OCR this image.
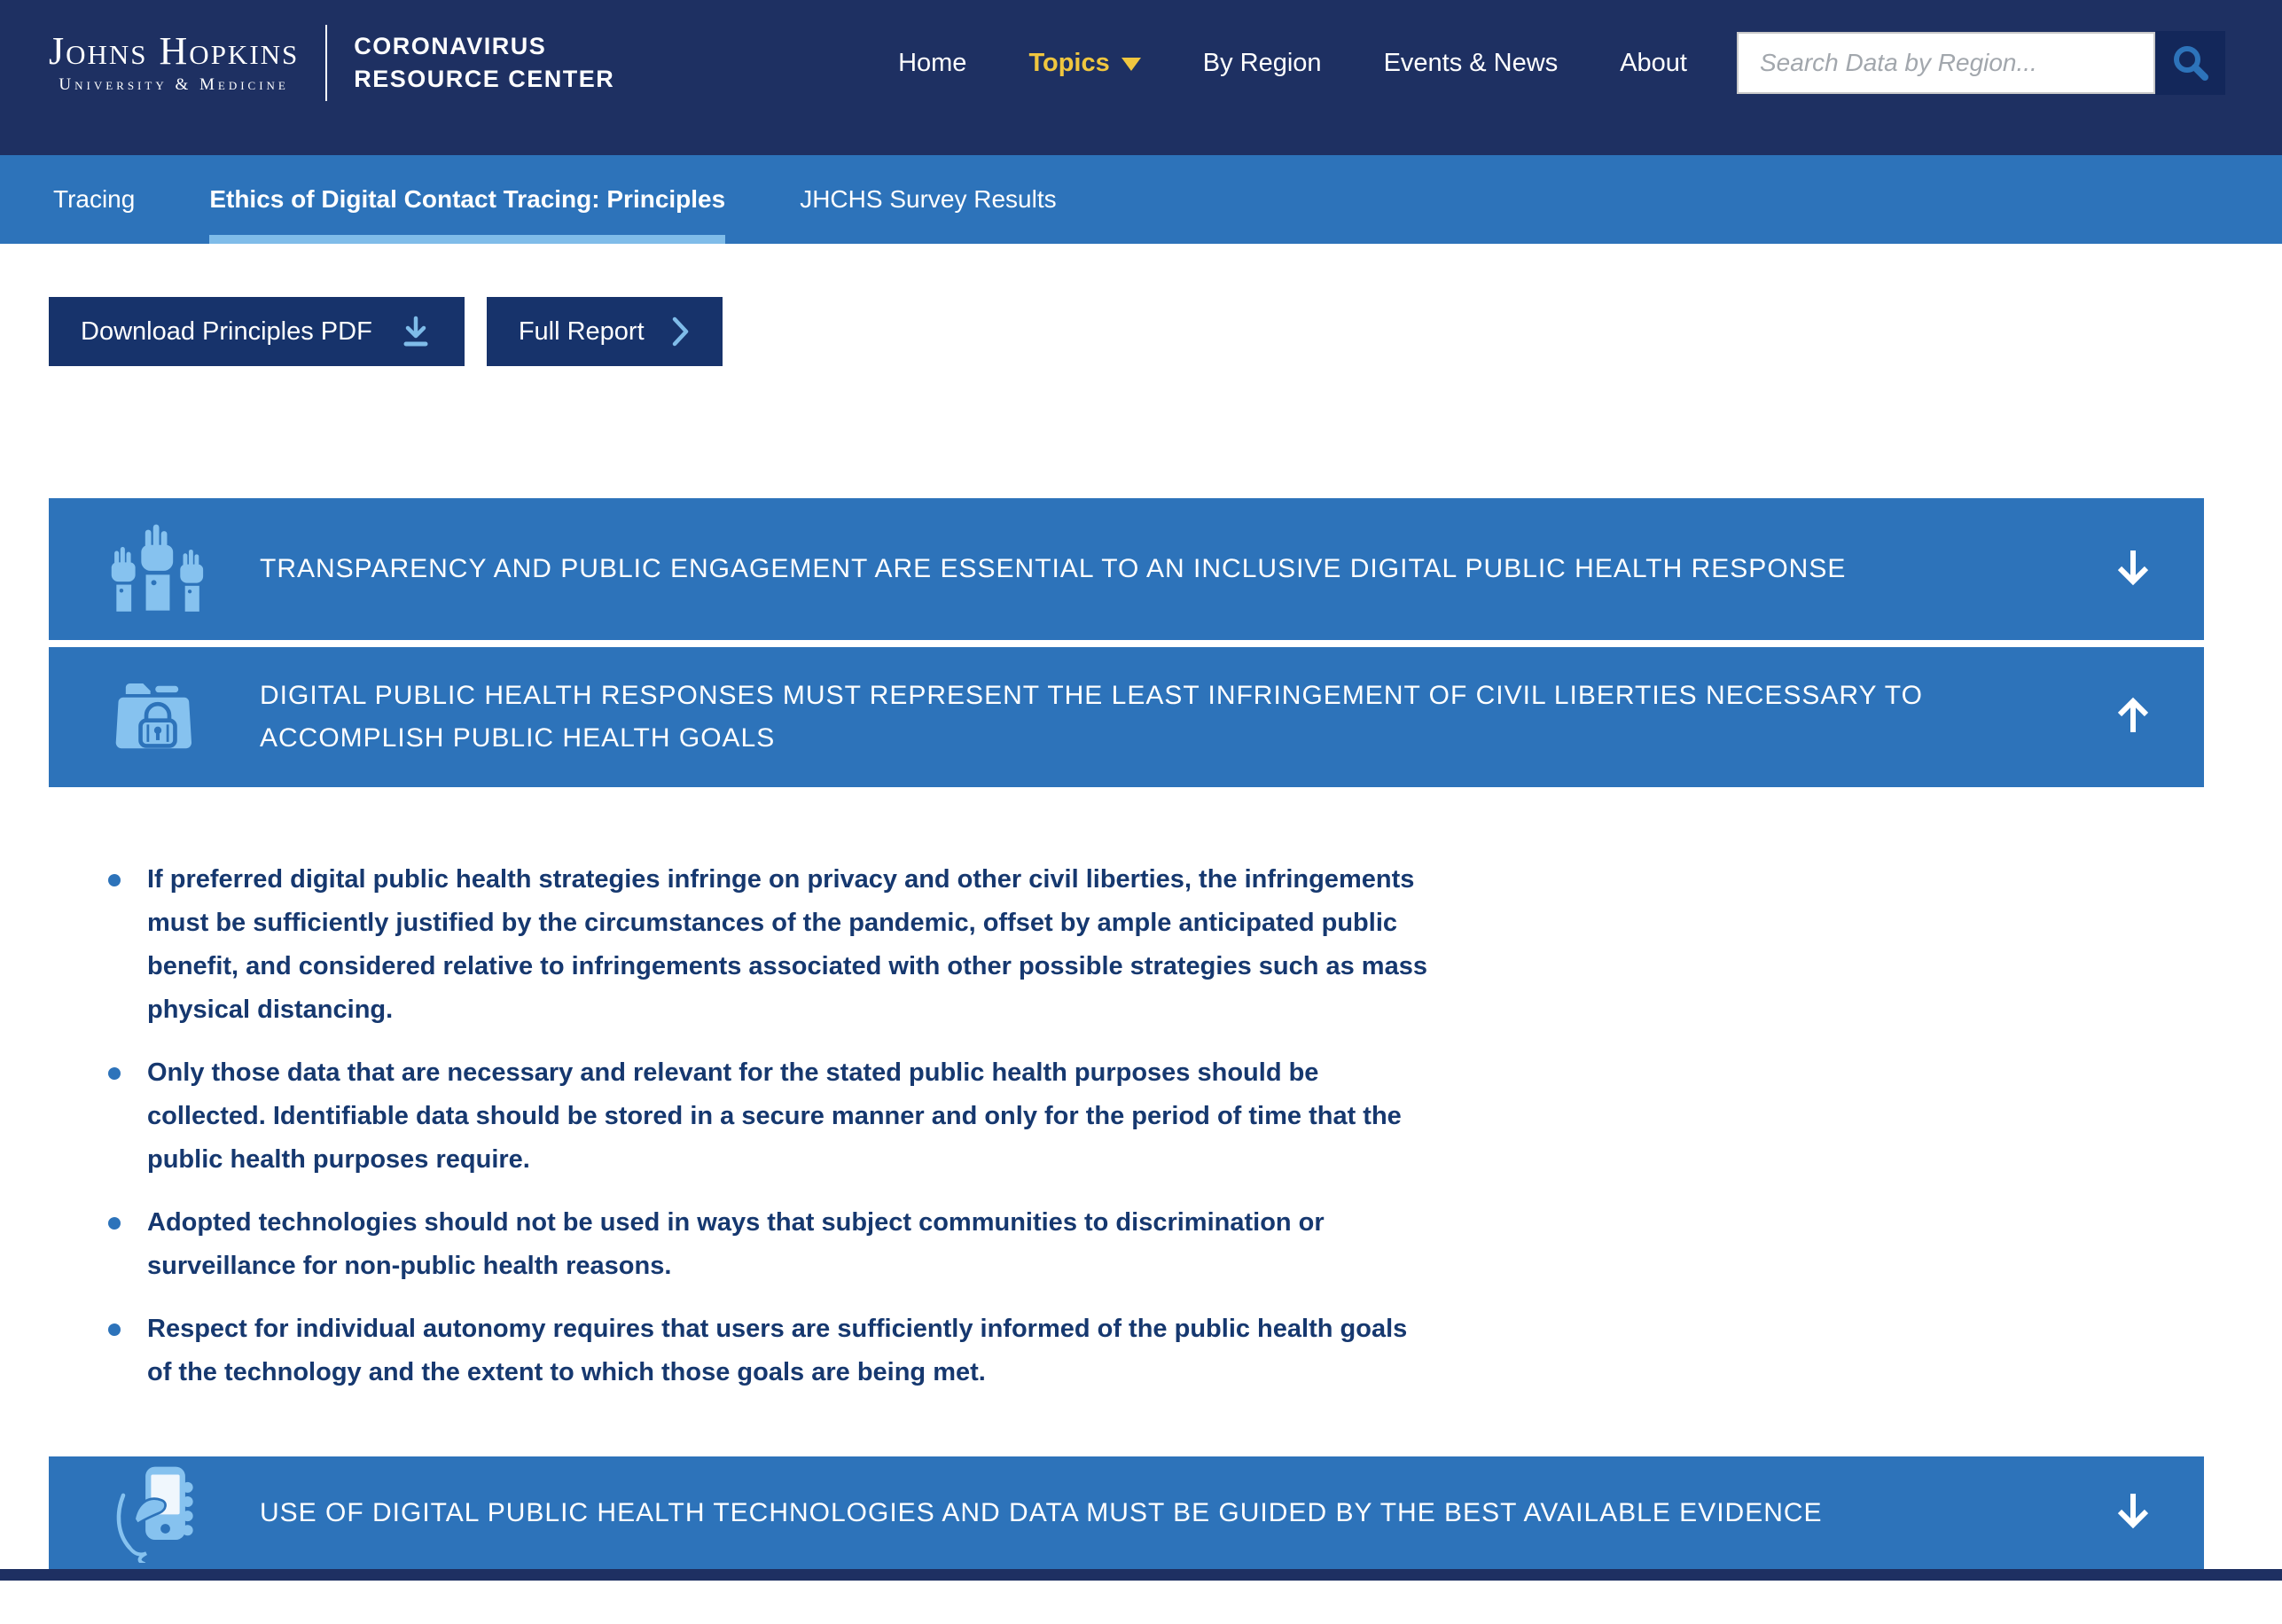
Johns Hopkins
University & Medicine
CORONAVIRUS
RESOURCE CENTER
Home Topics	By Region Events & News About
Search Data by Region...
Tracing	Ethics of Digital Contact Tracing: Principles	JHCHS Survey Results
Download Principles PDF	Full Report
TRANSPARENCY AND PUBLIC ENGAGEMENT ARE ESSENTIAL TO AN INCLUSIVE DIGITAL PUBLIC HEALTH RESPONSE
DIGITAL PUBLIC HEALTH RESPONSES MUST REPRESENT THE LEAST INFRINGEMENT OF CIVIL LIBERTIES NECESSARY TO ACCOMPLISH PUBLIC HEALTH GOALS
If preferred digital public health strategies infringe on privacy and other civil liberties, the infringements must be sufficiently justified by the circumstances of the pandemic, offset by ample anticipated public benefit, and considered relative to infringements associated with other possible strategies such as mass physical distancing.
Only those data that are necessary and relevant for the stated public health purposes should be collected. Identifiable data should be stored in a secure manner and only for the period of time that the public health purposes require.
Adopted technologies should not be used in ways that subject communities to discrimination or surveillance for non-public health reasons.
Respect for individual autonomy requires that users are sufficiently informed of the public health goals of the technology and the extent to which those goals are being met.
USE OF DIGITAL PUBLIC HEALTH TECHNOLOGIES AND DATA MUST BE GUIDED BY THE BEST AVAILABLE EVIDENCE
